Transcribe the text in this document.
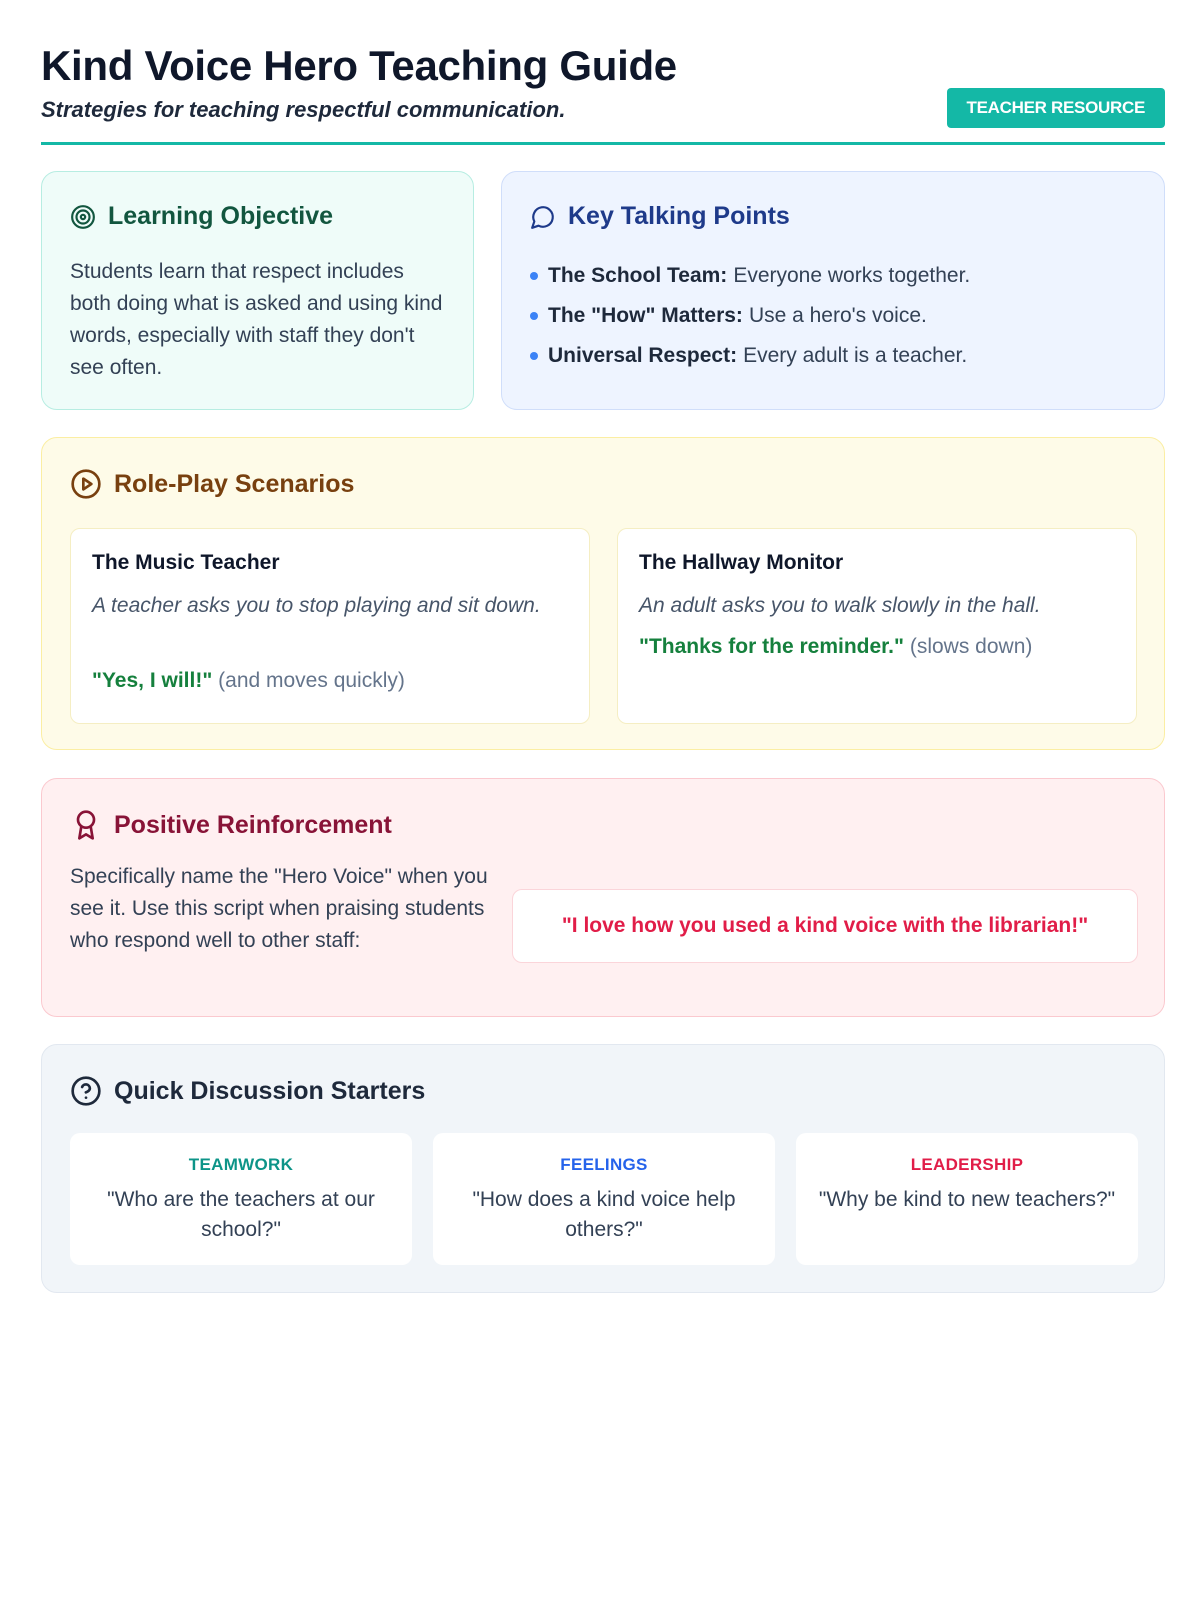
Kind Voice Hero Teaching Guide
Strategies for teaching respectful communication.	TEACHER RESOURCE
Learning Objective
Students learn that respect includes both doing what is asked and using kind words, especially with staff they don't see often.
Key Talking Points
The School Team: Everyone works together.
The "How" Matters: Use a hero's voice.
Universal Respect: Every adult is a teacher.
Role-Play Scenarios
The Music Teacher
A teacher asks you to stop playing and sit down.
"Yes, I will!" (and moves quickly)
The Hallway Monitor
An adult asks you to walk slowly in the hall.
"Thanks for the reminder." (slows down)
Positive Reinforcement
Specifically name the "Hero Voice" when you see it. Use this script when praising students who respond well to other staff:
"I love how you used a kind voice with the librarian!"
Quick Discussion Starters
TEAMWORK
"Who are the teachers at our school?"
FEELINGS
"How does a kind voice help others?"
LEADERSHIP
"Why be kind to new teachers?"
